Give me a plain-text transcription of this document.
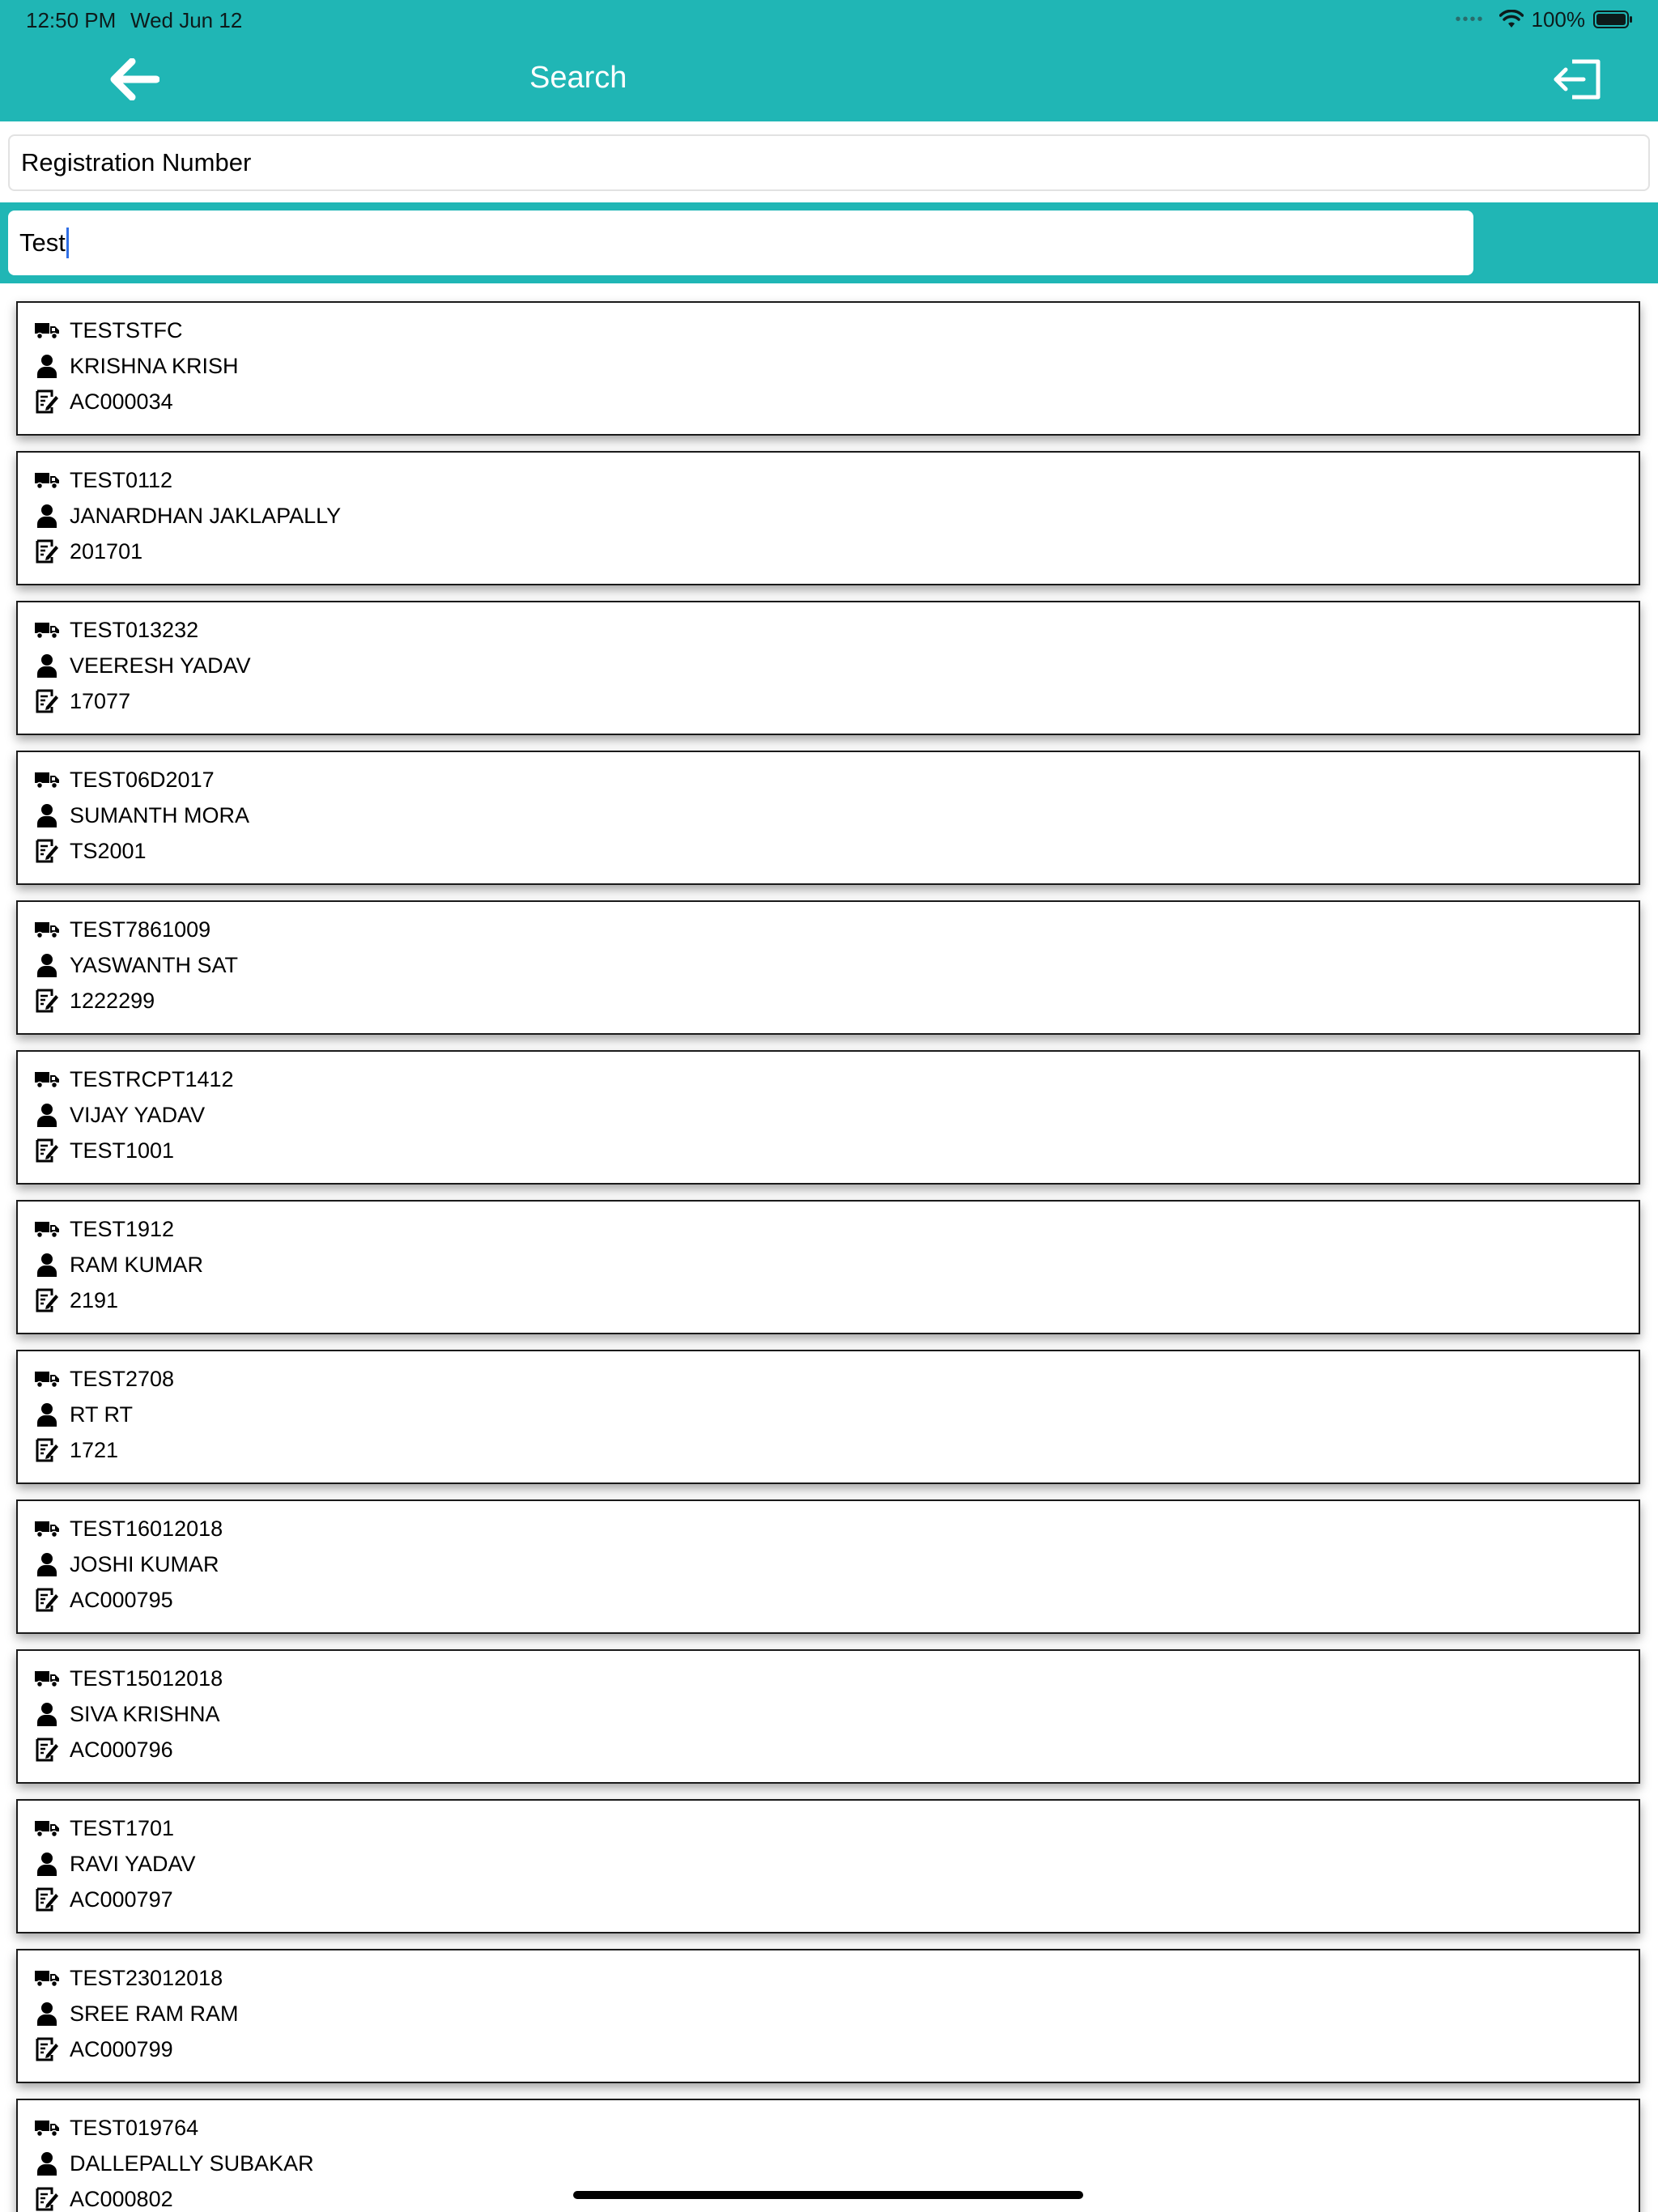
12:50 PM Wed Jun 12	•••• 100%
Search
Registration Number
Test
TESTSTFC
KRISHNA KRISH
AC000034
TEST0112
JANARDHAN JAKLAPALLY
201701
TEST013232
VEERESH YADAV
17077
TEST06D2017
SUMANTH MORA
TS2001
TEST7861009
YASWANTH SAT
1222299
TESTRCPT1412
VIJAY YADAV
TEST1001
TEST1912
RAM KUMAR
2191
TEST2708
RT RT
1721
TEST16012018
JOSHI KUMAR
AC000795
TEST15012018
SIVA KRISHNA
AC000796
TEST1701
RAVI YADAV
AC000797
TEST23012018
SREE RAM RAM
AC000799
TEST019764
DALLEPALLY SUBAKAR
AC000802
